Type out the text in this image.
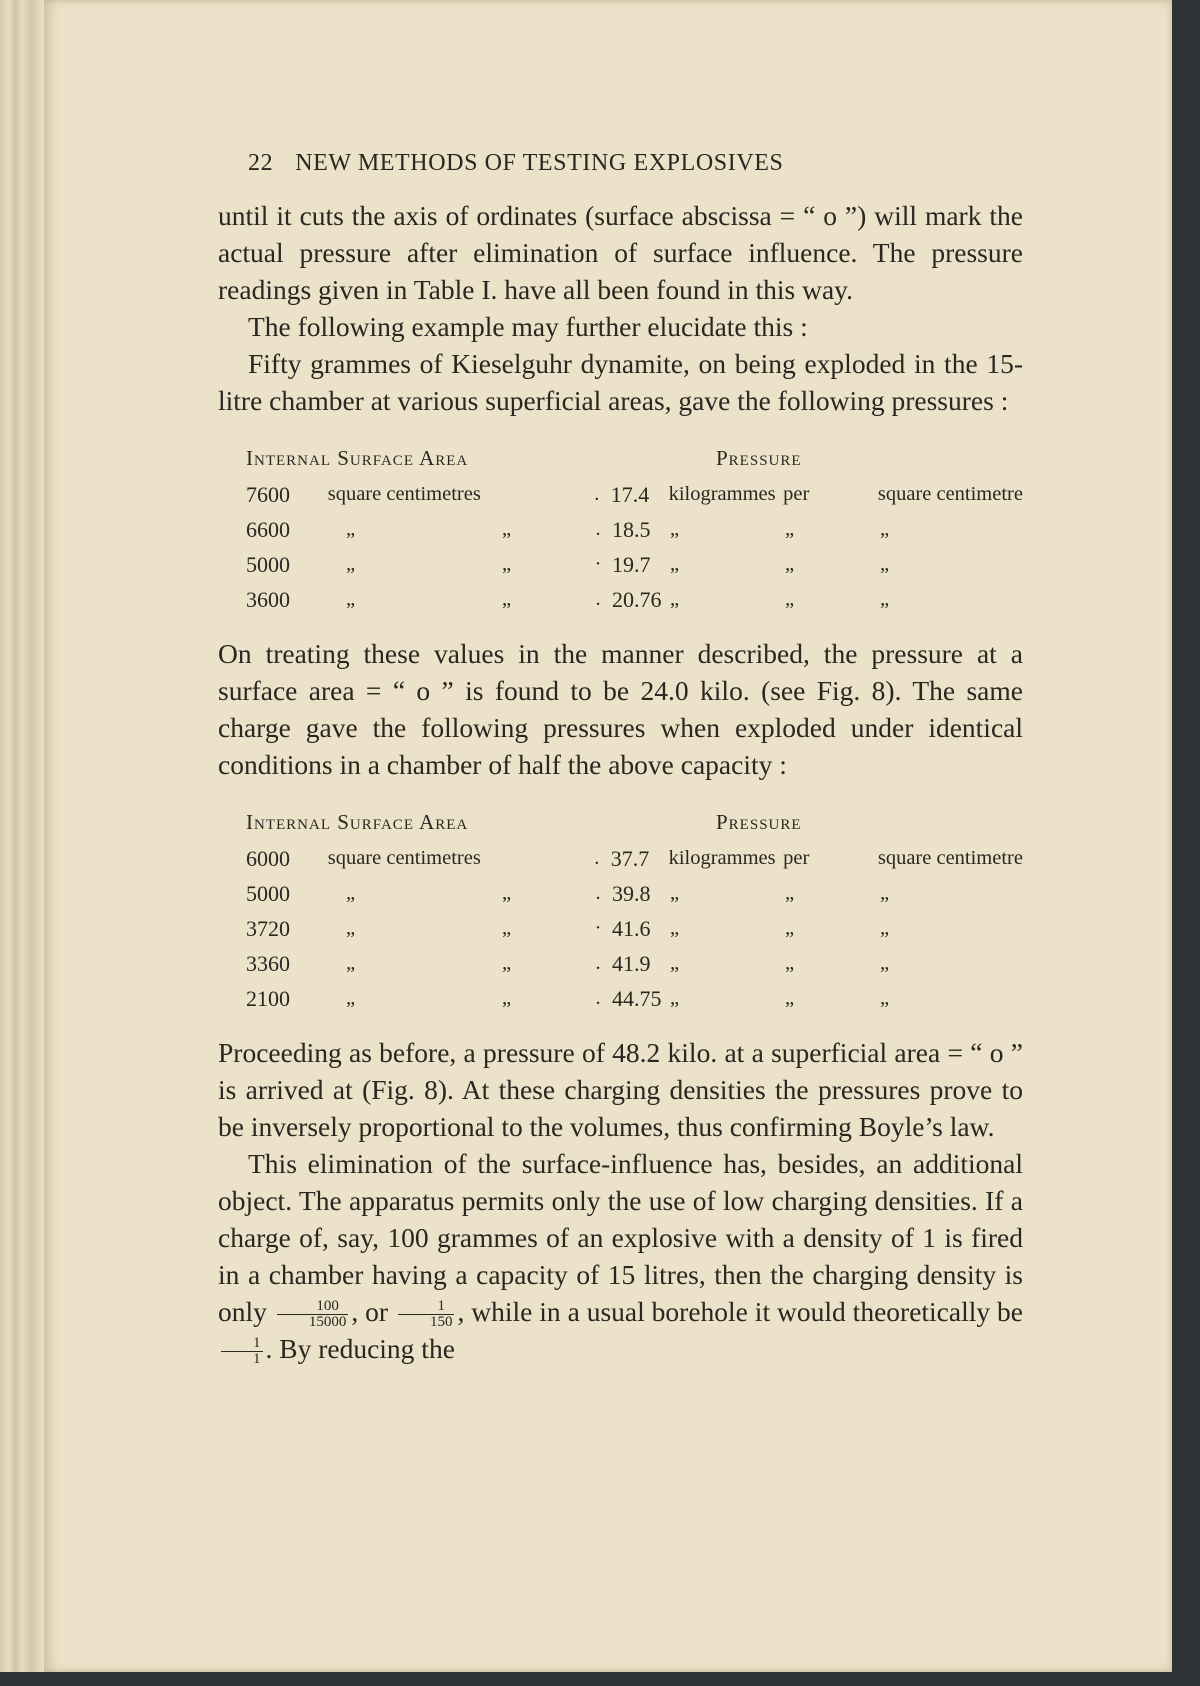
22 NEW METHODS OF TESTING EXPLOSIVES

until it cuts the axis of ordinates (surface abscissa = “ o ”) will mark the actual pressure after elimination of surface influence. The pressure readings given in Table I. have all been found in this way.

The following example may further elucidate this :

Fifty grammes of Kieselguhr dynamite, on being exploded in the 15-litre chamber at various superficial areas, gave the following pressures :

Internal Surface Area	Pressure
7600	square centimetres	. 17.4 kilogrammes per	square centimetre
6600	„	„	. 18.5 „	„	„
5000	„	„	· 19.7 „	„	„
3600	„	„	. 20.76 „	„	„

On treating these values in the manner described, the pressure at a surface area = “ o ” is found to be 24.0 kilo. (see Fig. 8). The same charge gave the following pressures when exploded under identical conditions in a chamber of half the above capacity :

Internal Surface Area	Pressure
6000	square centimetres	. 37.7 kilogrammes per	square centimetre
5000	„	„	. 39.8 „	„	„
3720	„	„	· 41.6 „	„	„
3360	„	„	. 41.9 „	„	„
2100	„	„	. 44.75 „	„	„

Proceeding as before, a pressure of 48.2 kilo. at a superficial area = “ o ” is arrived at (Fig. 8). At these charging densities the pressures prove to be inversely proportional to the volumes, thus confirming Boyle’s law.

This elimination of the surface-influence has, besides, an additional object. The apparatus permits only the use of low charging densities. If a charge of, say, 100 grammes of an explosive with a density of 1 is fired in a chamber having a capacity of 15 litres, then the charging density is only $\frac{100}{15000}$ , or $\frac{1}{150}$ , while in a usual borehole it would theoretically be
$\frac{1}{1}$ . By reducing the
